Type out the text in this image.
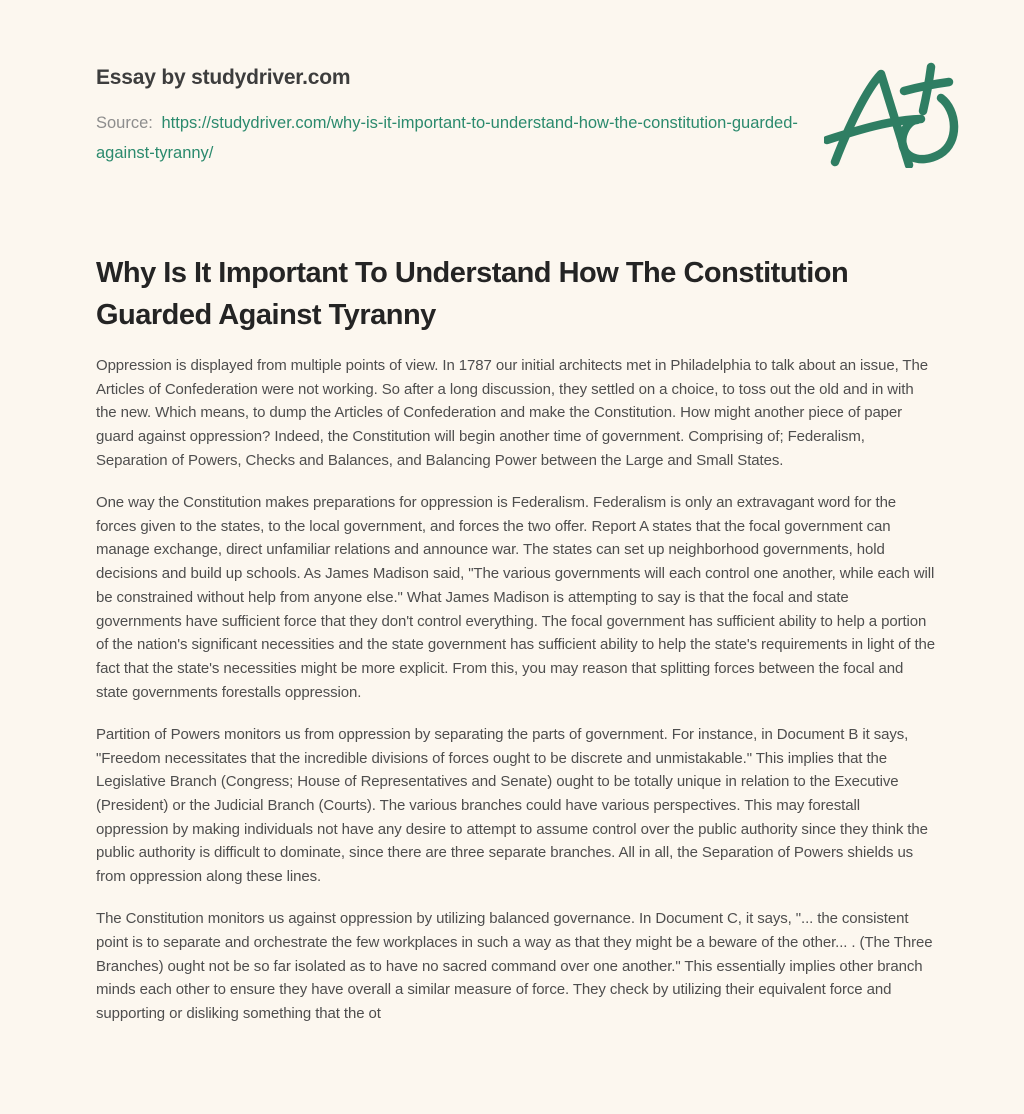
Essay by studydriver.com

Source: https://studydriver.com/why-is-it-important-to-understand-how-the-constitution-guarded-against-tyranny/

Why Is It Important To Understand How The Constitution Guarded Against Tyranny

Oppression is displayed from multiple points of view. In 1787 our initial architects met in Philadelphia to talk about an issue, The Articles of Confederation were not working. So after a long discussion, they settled on a choice, to toss out the old and in with the new. Which means, to dump the Articles of Confederation and make the Constitution. How might another piece of paper guard against oppression? Indeed, the Constitution will begin another time of government. Comprising of; Federalism, Separation of Powers, Checks and Balances, and Balancing Power between the Large and Small States.

One way the Constitution makes preparations for oppression is Federalism. Federalism is only an extravagant word for the forces given to the states, to the local government, and forces the two offer. Report A states that the focal government can manage exchange, direct unfamiliar relations and announce war. The states can set up neighborhood governments, hold decisions and build up schools. As James Madison said, "The various governments will each control one another, while each will be constrained without help from anyone else." What James Madison is attempting to say is that the focal and state governments have sufficient force that they don't control everything. The focal government has sufficient ability to help a portion of the nation's significant necessities and the state government has sufficient ability to help the state's requirements in light of the fact that the state's necessities might be more explicit. From this, you may reason that splitting forces between the focal and state governments forestalls oppression.

Partition of Powers monitors us from oppression by separating the parts of government. For instance, in Document B it says, "Freedom necessitates that the incredible divisions of forces ought to be discrete and unmistakable." This implies that the Legislative Branch (Congress; House of Representatives and Senate) ought to be totally unique in relation to the Executive (President) or the Judicial Branch (Courts). The various branches could have various perspectives. This may forestall oppression by making individuals not have any desire to attempt to assume control over the public authority since they think the public authority is difficult to dominate, since there are three separate branches. All in all, the Separation of Powers shields us from oppression along these lines.

The Constitution monitors us against oppression by utilizing balanced governance. In Document C, it says, "... the consistent point is to separate and orchestrate the few workplaces in such a way as that they might be a beware of the other... . (The Three Branches) ought not be so far isolated as to have no sacred command over one another." This essentially implies other branch minds each other to ensure they have overall a similar measure of force. They check by utilizing their equivalent force and supporting or disliking something that the ot
